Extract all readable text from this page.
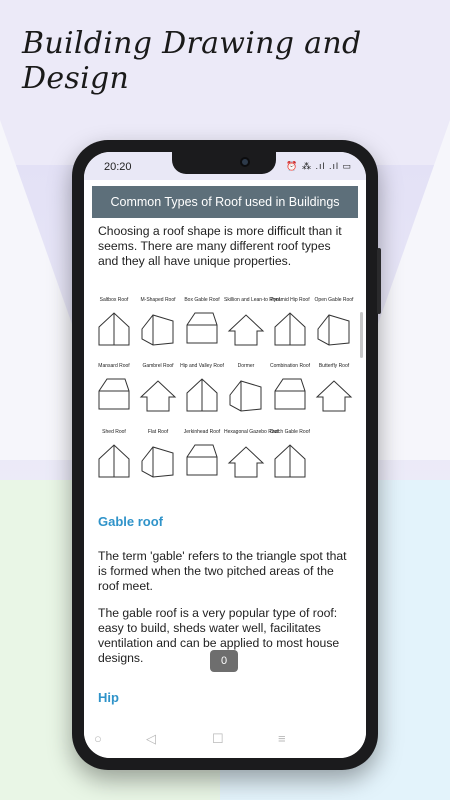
Building Drawing and Design
20:20	⏰ ⁂ .ıl .ıl ▭
Common Types of Roof used in Buildings

Choosing a roof shape is more difficult than it seems. There are many different roof types and they all have unique properties.

Saltbox Roof	M-Shaped Roof	Box Gable Roof Skillion and Lean-to Roof
Pyramid Hip Roof Open Gable Roof
Mansard Roof	Gambrel Roof	Hip and Valley Roof	Dormer	Combination Roof	Butterfly Roof
Shed Roof	Flat Roof	Jerkinhead Roof Hexagonal Gazebo Roof
Dutch Gable Roof
Gable roof

The term 'gable' refers to the triangle spot that is formed when the two pitched areas of the roof meet.

The gable roof is a very popular type of roof: easy to build, sheds water well, facilitates ventilation and can be applied to most house designs.

Hip
0
○	◁	☐	≡
